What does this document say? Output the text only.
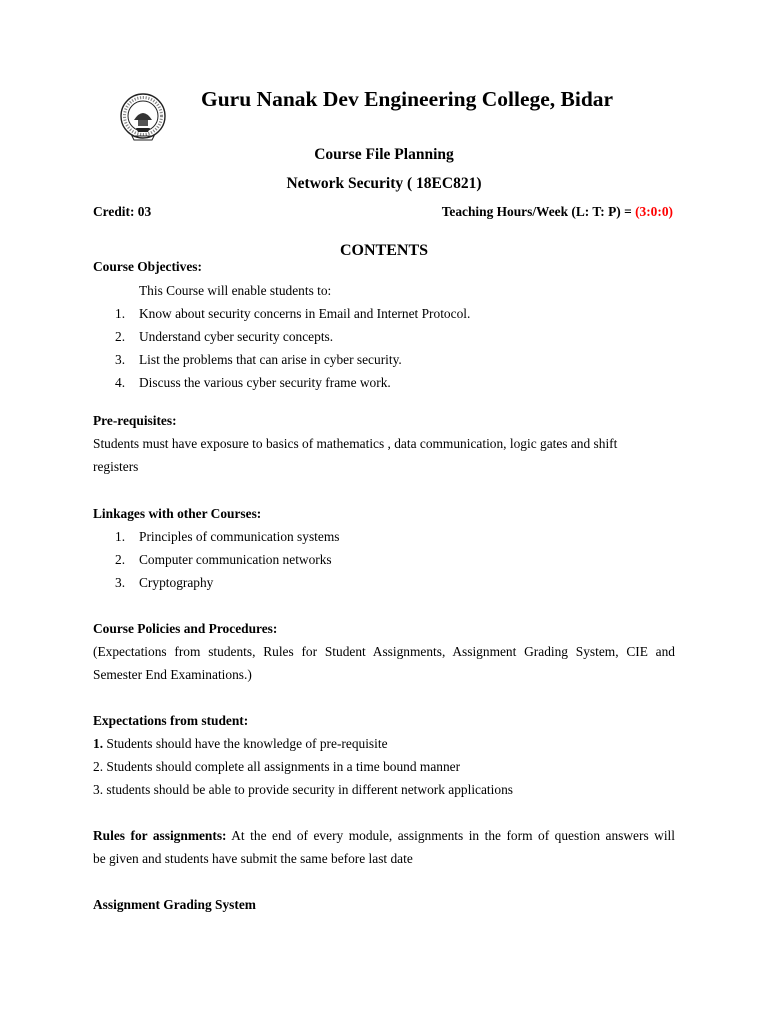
Guru Nanak Dev Engineering College, Bidar
Course File Planning
Network Security ( 18EC821)
Credit: 03	Teaching Hours/Week (L: T: P) = (3:0:0)
CONTENTS
Course Objectives:
This Course will enable students to:
1. Know about security concerns in Email and Internet Protocol.
2. Understand cyber security concepts.
3. List the problems that can arise in cyber security.
4. Discuss the various cyber security frame work.
Pre-requisites:
Students must have exposure to basics of mathematics , data communication, logic gates and shift
registers
Linkages with other Courses:
1. Principles of communication systems
2. Computer communication networks
3. Cryptography
Course Policies and Procedures:
(Expectations from students, Rules for Student Assignments, Assignment Grading System, CIE and
Semester End Examinations.)
Expectations from student:
1. Students should have the knowledge of pre-requisite
2. Students should complete all assignments in a time bound manner
3. students should be able to provide security in different network applications
Rules for assignments: At the end of every module, assignments in the form of question answers will
be given and students have submit the same before last date
Assignment Grading System
